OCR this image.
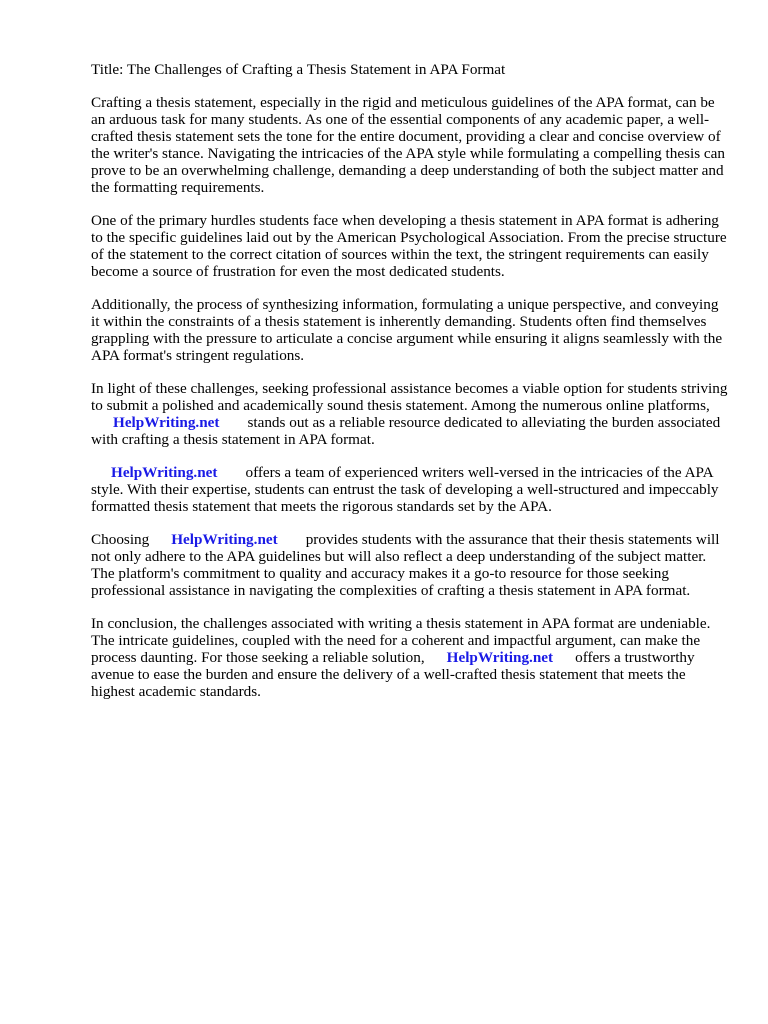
Title: The Challenges of Crafting a Thesis Statement in APA Format

Crafting a thesis statement, especially in the rigid and meticulous guidelines of the APA format, can be an arduous task for many students. As one of the essential components of any academic paper, a well-crafted thesis statement sets the tone for the entire document, providing a clear and concise overview of the writer's stance. Navigating the intricacies of the APA style while formulating a compelling thesis can prove to be an overwhelming challenge, demanding a deep understanding of both the subject matter and the formatting requirements.

One of the primary hurdles students face when developing a thesis statement in APA format is adhering to the specific guidelines laid out by the American Psychological Association. From the precise structure of the statement to the correct citation of sources within the text, the stringent requirements can easily become a source of frustration for even the most dedicated students.

Additionally, the process of synthesizing information, formulating a unique perspective, and conveying it within the constraints of a thesis statement is inherently demanding. Students often find themselves grappling with the pressure to articulate a concise argument while ensuring it aligns seamlessly with the APA format's stringent regulations.

In light of these challenges, seeking professional assistance becomes a viable option for students striving to submit a polished and academically sound thesis statement. Among the numerous online platforms,HelpWriting.net stands out as a reliable resource dedicated to alleviating the burden associated with crafting a thesis statement in APA format.

HelpWriting.net offers a team of experienced writers well-versed in the intricacies of the APA style. With their expertise, students can entrust the task of developing a well-structured and impeccably formatted thesis statement that meets the rigorous standards set by the APA.

Choosing HelpWriting.net provides students with the assurance that their thesis statements will not only adhere to the APA guidelines but will also reflect a deep understanding of the subject matter. The platform's commitment to quality and accuracy makes it a go-to resource for those seeking professional assistance in navigating the complexities of crafting a thesis statement in APA format.

In conclusion, the challenges associated with writing a thesis statement in APA format are undeniable. The intricate guidelines, coupled with the need for a coherent and impactful argument, can make the process daunting. For those seeking a reliable solution, HelpWriting.net offers a trustworthy avenue to ease the burden and ensure the delivery of a well-crafted thesis statement that meets the highest academic standards.
